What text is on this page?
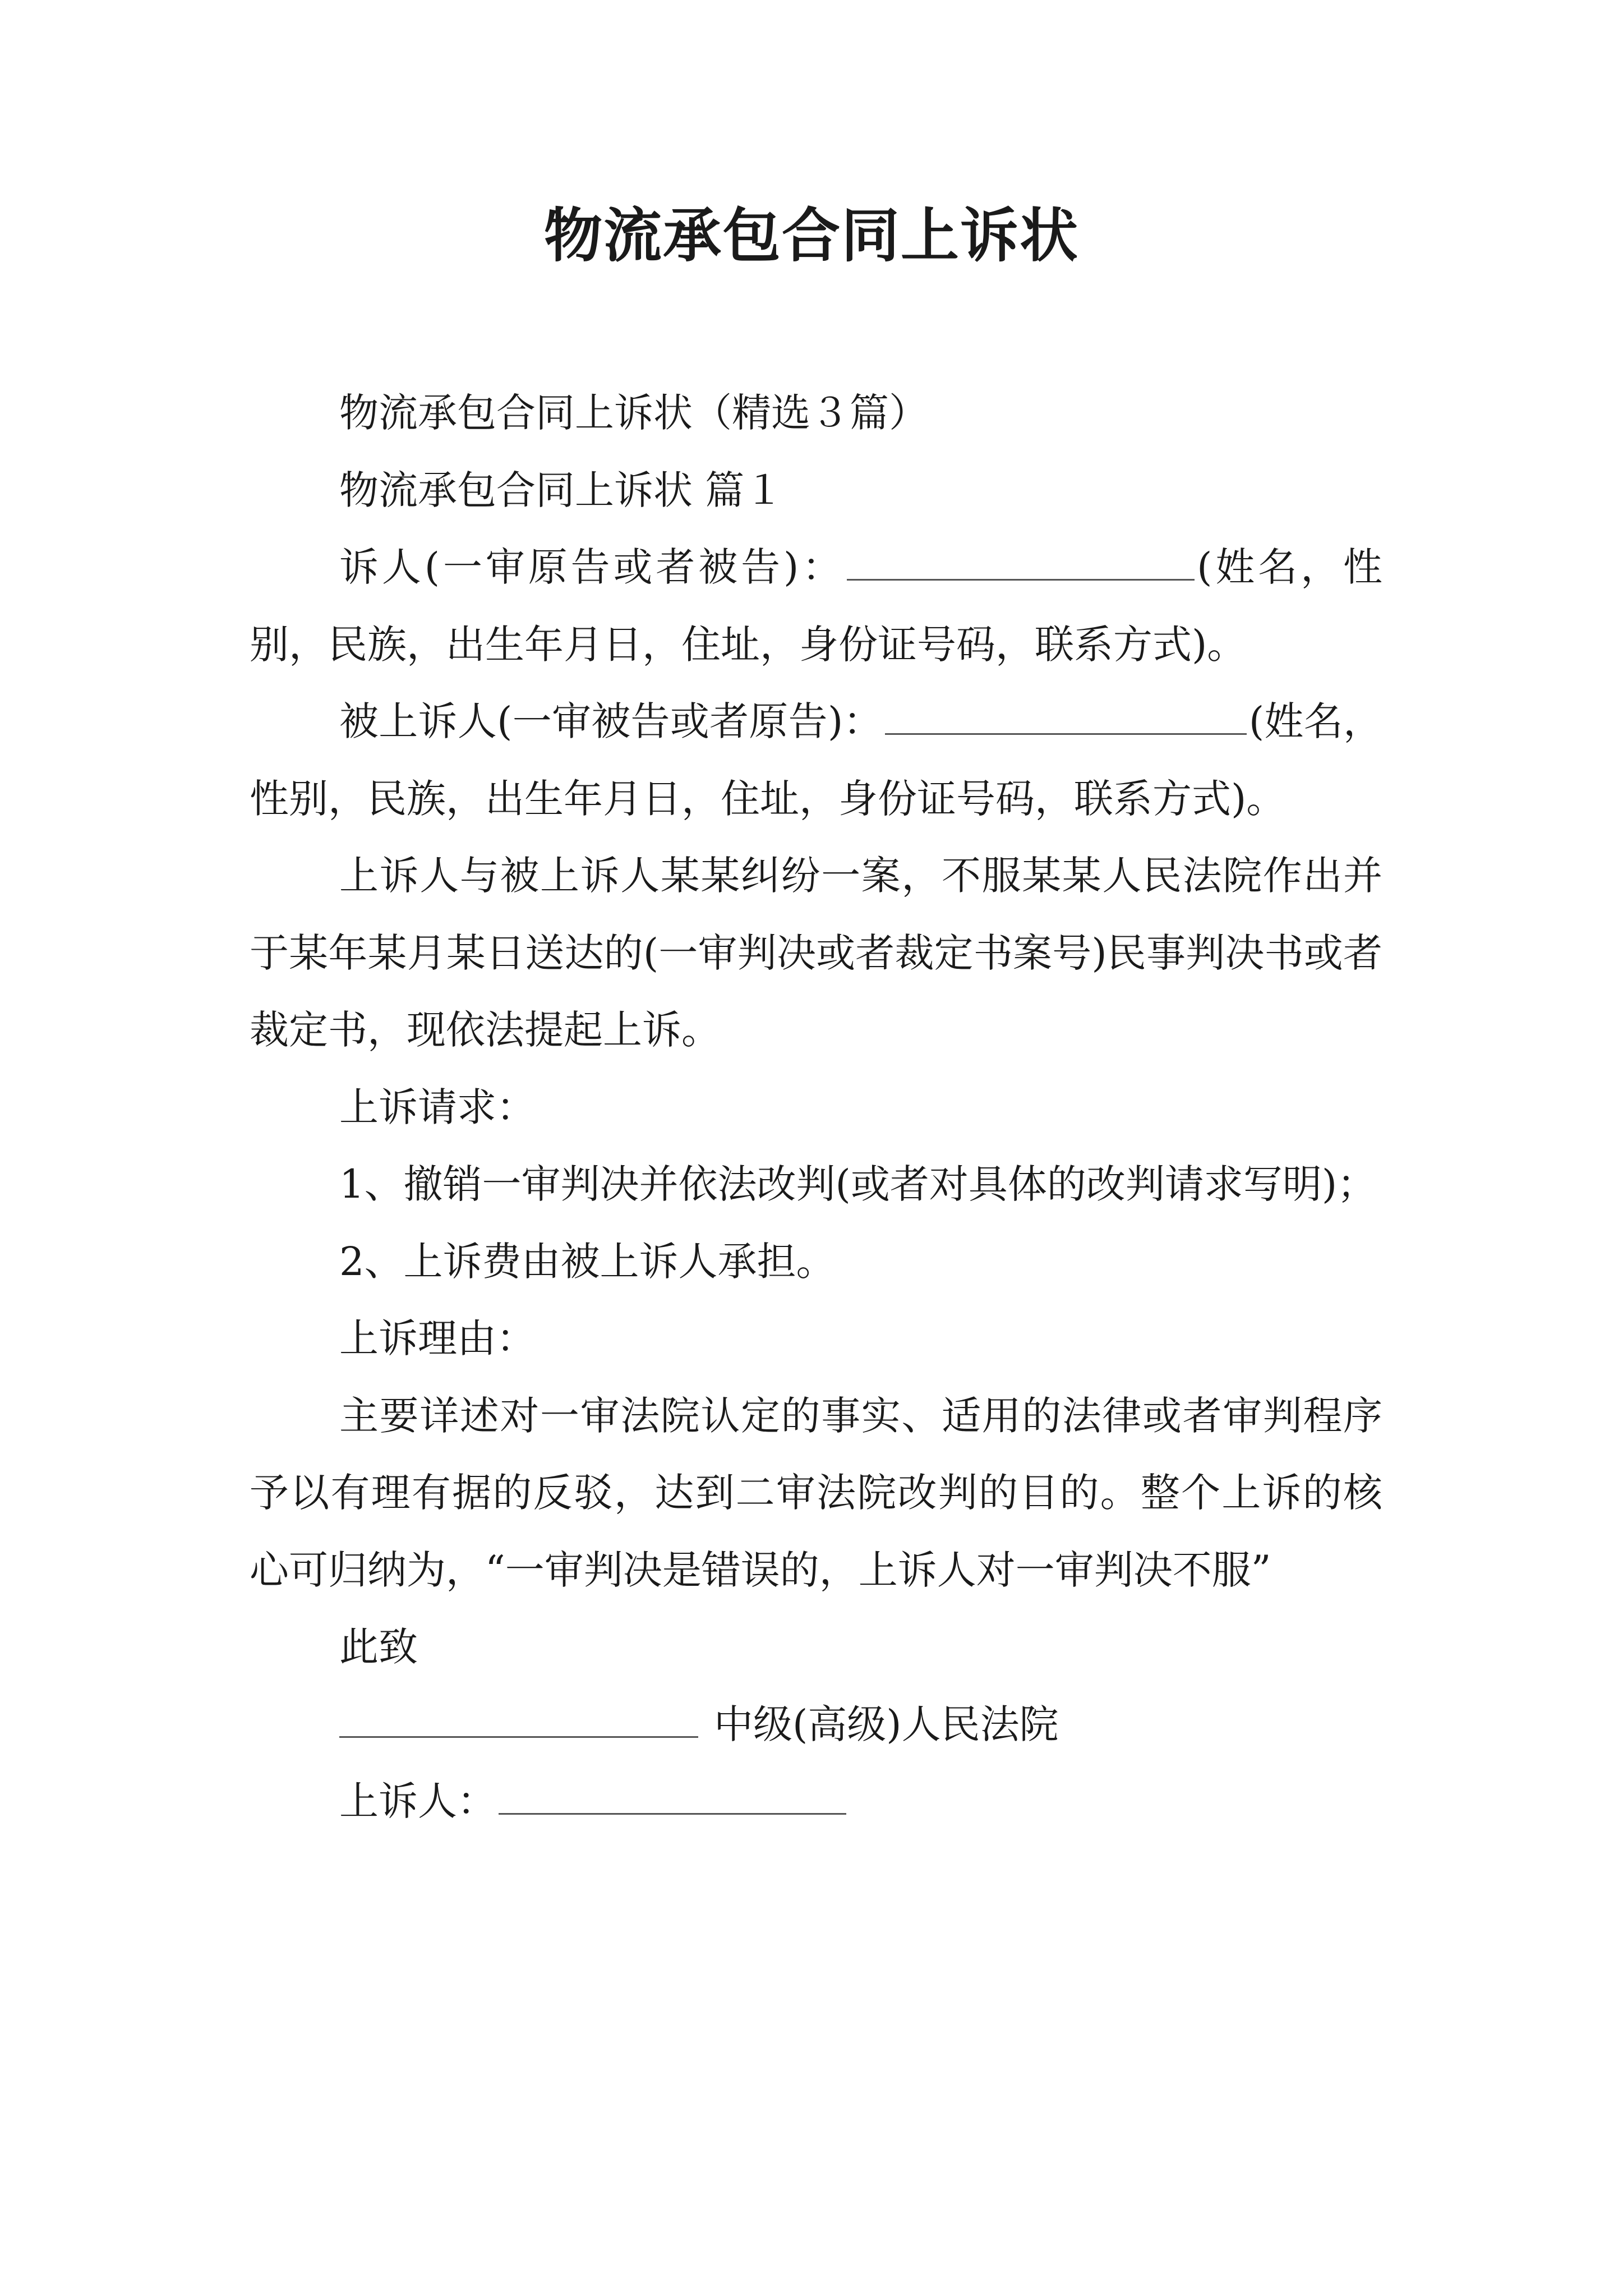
物流承包合同上诉状

物流承包合同上诉状（精选３篇）

物流承包合同上诉状 篇１

诉人(一审原告或者被告)：	(姓名，性别，民族，出生年月日，住址，身份证号码，联系方式)。

被上诉人(一审被告或者原告)：	(姓名，性别，民族，出生年月日，住址，身份证号码，联系方式)。

上诉人与被上诉人某某纠纷一案，不服某某人民法院作出并于某年某月某日送达的(一审判决或者裁定书案号)民事判决书或者裁定书，现依法提起上诉。

上诉请求：

1、撤销一审判决并依法改判(或者对具体的改判请求写明)；

2、上诉费由被上诉人承担。

上诉理由：

主要详述对一审法院认定的事实、适用的法律或者审判程序予以有理有据的反驳，达到二审法院改判的目的。整个上诉的核心可归纳为，“一审判决是错误的，上诉人对一审判决不服”

此致

中级(高级)人民法院

上诉人：
